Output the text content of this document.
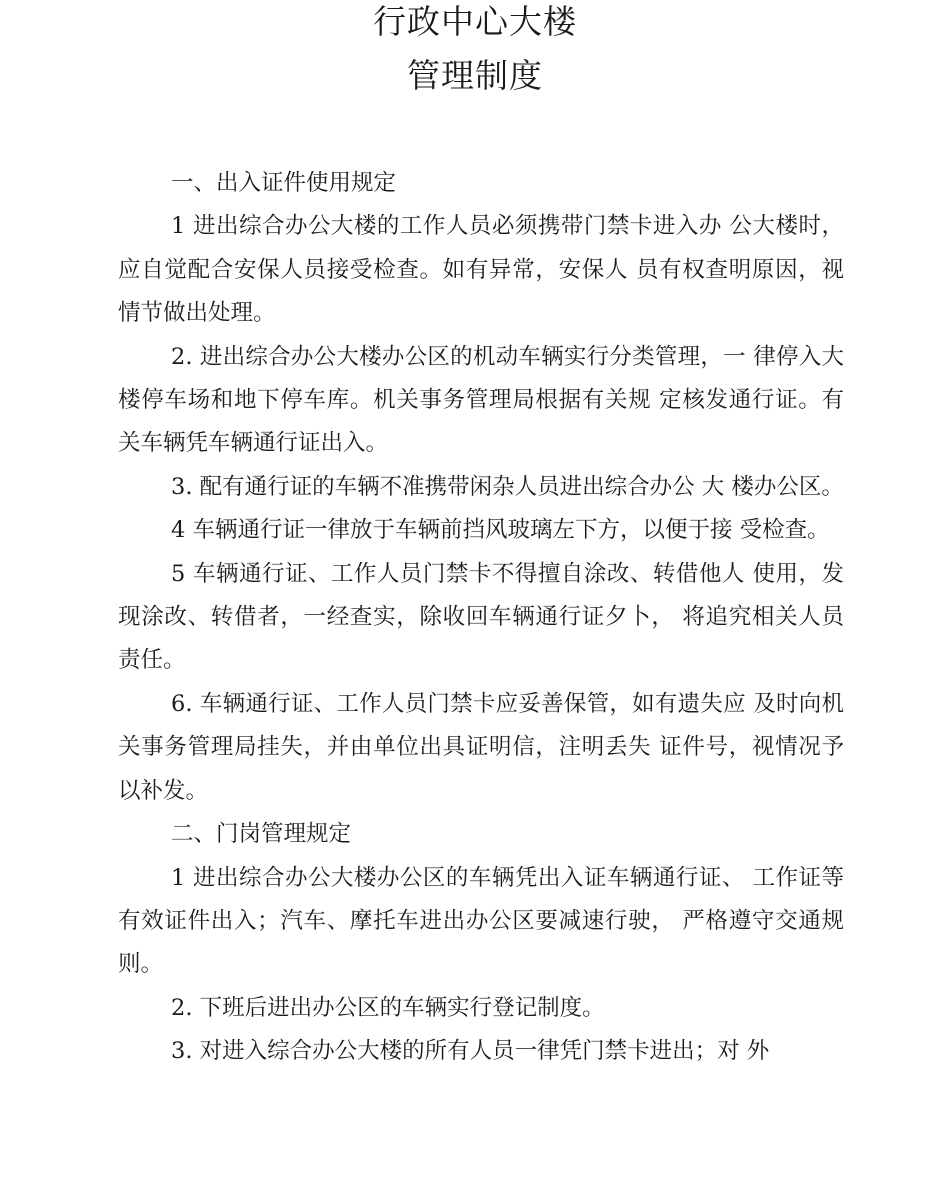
行政中心大楼
管理制度

一、出入证件使用规定

1 进出综合办公大楼的工作人员必须携带门禁卡进入办 公大楼时，应自觉配合安保人员接受检查。如有异常，安保人 员有权查明原因，视情节做出处理。

2. 进出综合办公大楼办公区的机动车辆实行分类管理，一 律停入大楼停车场和地下停车库。机关事务管理局根据有关规 定核发通行证。有关车辆凭车辆通行证出入。

3. 配有通行证的车辆不准携带闲杂人员进出综合办公 大 楼办公区。

4 车辆通行证一律放于车辆前挡风玻璃左下方，以便于接 受检查。

5 车辆通行证、工作人员门禁卡不得擅自涂改、转借他人 使用，发现涂改、转借者，一经查实，除收回车辆通行证夕卜， 将追究相关人员责任。

6. 车辆通行证、工作人员门禁卡应妥善保管，如有遗失应 及时向机关事务管理局挂失，并由单位出具证明信，注明丢失 证件号，视情况予以补发。

二、门岗管理规定

1 进出综合办公大楼办公区的车辆凭出入证车辆通行证、 工作证等有效证件出入；汽车、摩托车进出办公区要减速行驶， 严格遵守交通规则。

2. 下班后进出办公区的车辆实行登记制度。

3. 对进入综合办公大楼的所有人员一律凭门禁卡进出；对 外
